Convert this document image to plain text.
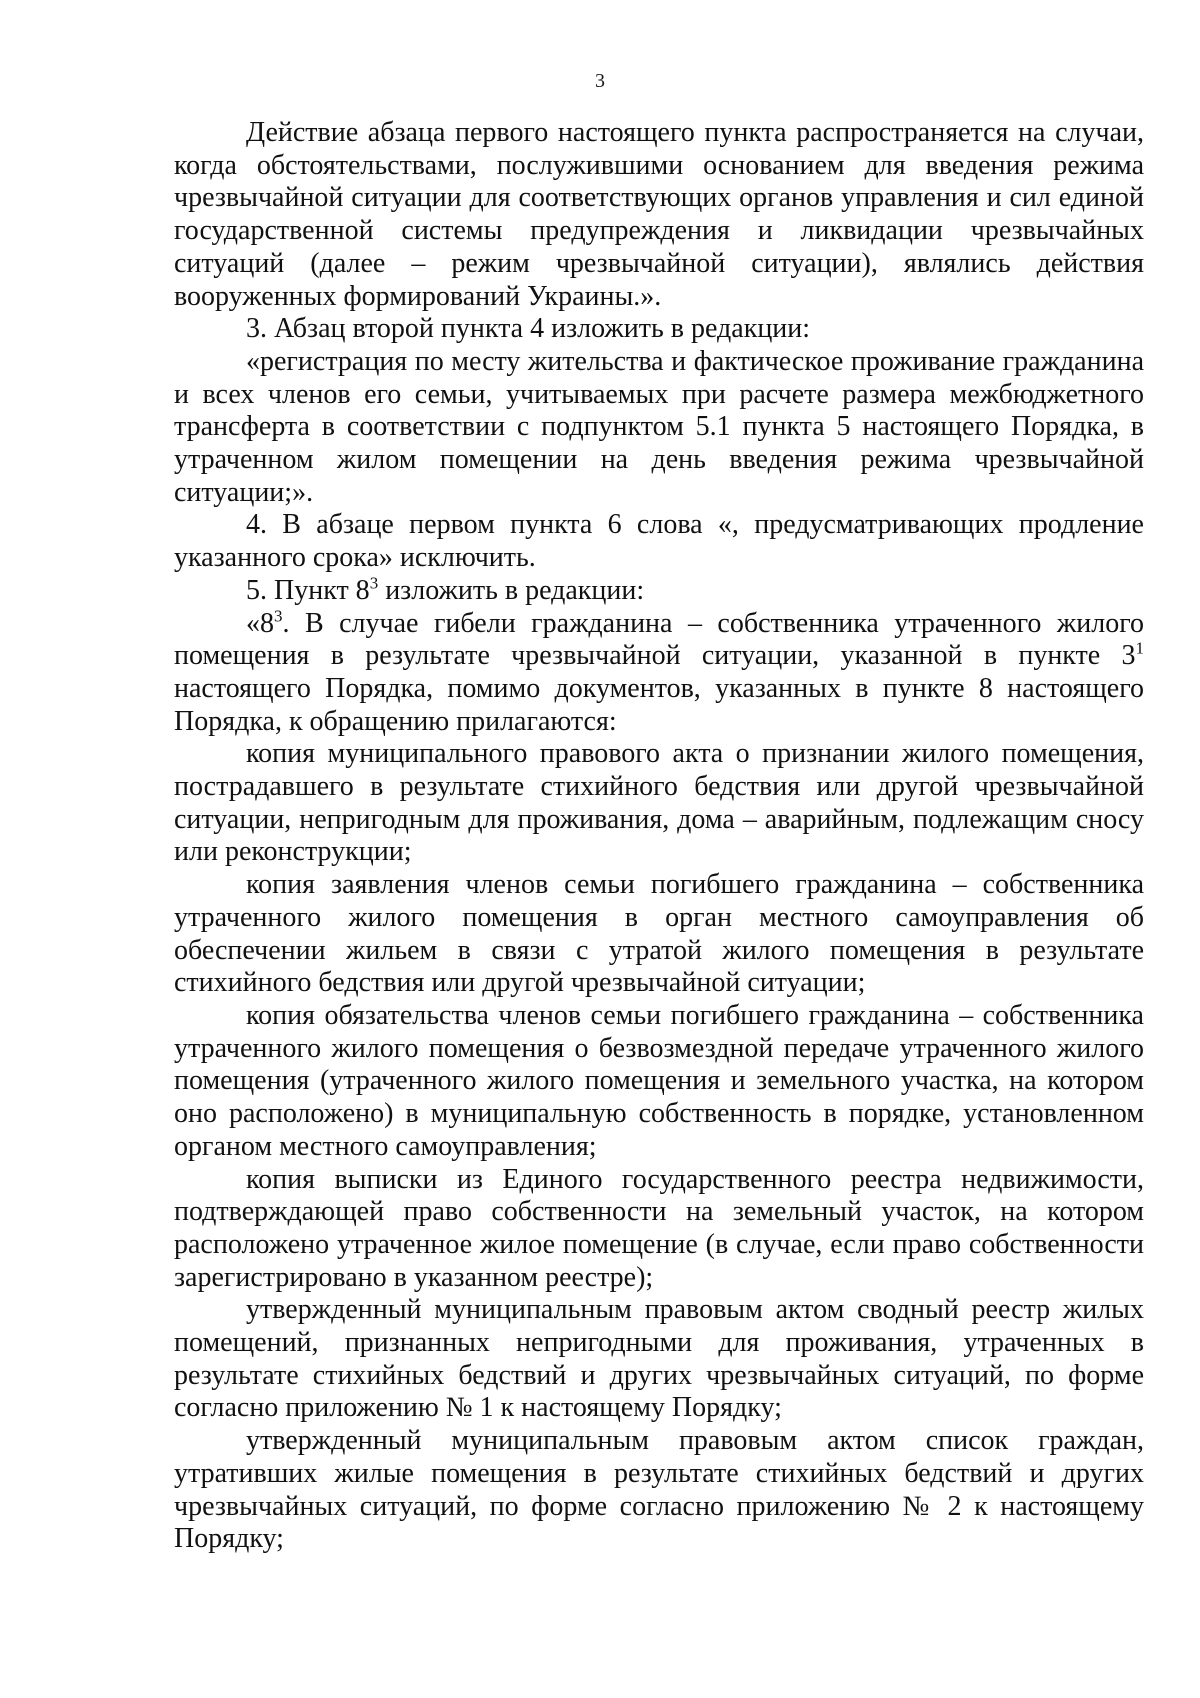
3

Действие абзаца первого настоящего пункта распространяется на случаи, когда обстоятельствами, послужившими основанием для введения режима чрезвычайной ситуации для соответствующих органов управления и сил единой государственной системы предупреждения и ликвидации чрезвычайных ситуаций (далее – режим чрезвычайной ситуации), являлись действия вооруженных формирований Украины.».

3. Абзац второй пункта 4 изложить в редакции:

«регистрация по месту жительства и фактическое проживание гражданина и всех членов его семьи, учитываемых при расчете размера межбюджетного трансферта в соответствии с подпунктом 5.1 пункта 5 настоящего Порядка, в утраченном жилом помещении на день введения режима чрезвычайной ситуации;».

4. В абзаце первом пункта 6 слова «, предусматривающих продление указанного срока» исключить.

5. Пункт $8^3$ изложить в редакции:

«$8^3$. В случае гибели гражданина – собственника утраченного жилого помещения в результате чрезвычайной ситуации, указанной в пункте $3^1$ настоящего Порядка, помимо документов, указанных в пункте 8 настоящего Порядка, к обращению прилагаются:

копия муниципального правового акта о признании жилого помещения, пострадавшего в результате стихийного бедствия или другой чрезвычайной ситуации, непригодным для проживания, дома – аварийным, подлежащим сносу или реконструкции;

копия заявления членов семьи погибшего гражданина – собственника утраченного жилого помещения в орган местного самоуправления об обеспечении жильем в связи с утратой жилого помещения в результате стихийного бедствия или другой чрезвычайной ситуации;

копия обязательства членов семьи погибшего гражданина – собственника утраченного жилого помещения о безвозмездной передаче утраченного жилого помещения (утраченного жилого помещения и земельного участка, на котором оно расположено) в муниципальную собственность в порядке, установленном органом местного самоуправления;

копия выписки из Единого государственного реестра недвижимости, подтверждающей право собственности на земельный участок, на котором расположено утраченное жилое помещение (в случае, если право собственности зарегистрировано в указанном реестре);

утвержденный муниципальным правовым актом сводный реестр жилых помещений, признанных непригодными для проживания, утраченных в результате стихийных бедствий и других чрезвычайных ситуаций, по форме согласно приложению № 1 к настоящему Порядку;

утвержденный муниципальным правовым актом список граждан, утративших жилые помещения в результате стихийных бедствий и других чрезвычайных ситуаций, по форме согласно приложению № 2 к настоящему Порядку;
